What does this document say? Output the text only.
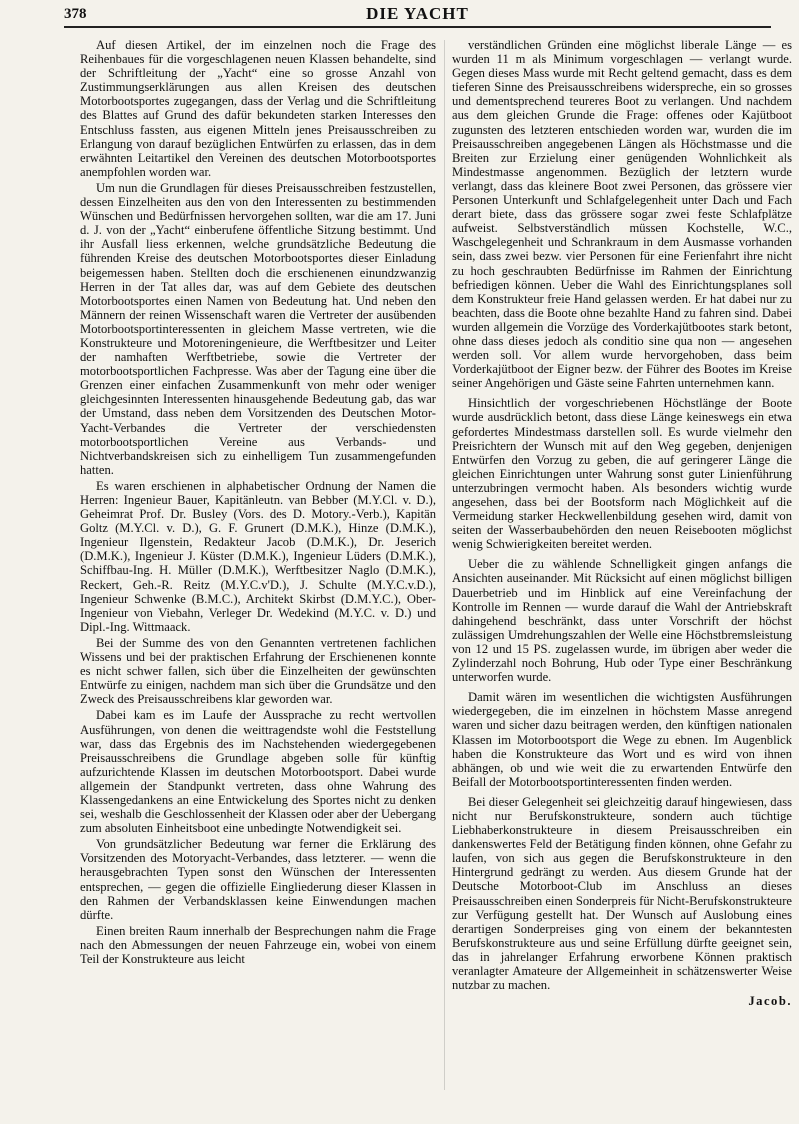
378	DIE YACHT

Auf diesen Artikel, der im einzelnen noch die Frage des Reihenbaues für die vorgeschlagenen neuen Klassen behandelte, sind der Schriftleitung der „Yacht“ eine so grosse Anzahl von Zustimmungserklärungen aus allen Kreisen des deutschen Motorbootsportes zugegangen, dass der Verlag und die Schriftleitung des Blattes auf Grund des dafür bekundeten starken Interesses den Entschluss fassten, aus eigenen Mitteln jenes Preisausschreiben zu Erlangung von darauf bezüglichen Entwürfen zu erlassen, das in dem erwähnten Leitartikel den Vereinen des deutschen Motorbootsportes anempfohlen worden war.

Um nun die Grundlagen für dieses Preisausschreiben festzustellen, dessen Einzelheiten aus den von den Interessenten zu bestimmenden Wünschen und Bedürfnissen hervorgehen sollten, war die am 17. Juni d. J. von der „Yacht“ einberufene öffentliche Sitzung bestimmt. Und ihr Ausfall liess erkennen, welche grundsätzliche Bedeutung die führenden Kreise des deutschen Motorbootsportes dieser Einladung beigemessen haben. Stellten doch die erschienenen einundzwanzig Herren in der Tat alles dar, was auf dem Gebiete des deutschen Motorbootsportes einen Namen von Bedeutung hat. Und neben den Männern der reinen Wissenschaft waren die Vertreter der ausübenden Motorbootsportinteressenten in gleichem Masse vertreten, wie die Konstrukteure und Motoreningenieure, die Werftbesitzer und Leiter der namhaften Werftbetriebe, sowie die Vertreter der motorbootsportlichen Fachpresse. Was aber der Tagung eine über die Grenzen einer einfachen Zusammenkunft von mehr oder weniger gleichgesinnten Interessenten hinausgehende Bedeutung gab, das war der Umstand, dass neben dem Vorsitzenden des Deutschen Motor-Yacht-Verbandes die Vertreter der verschiedensten motorbootsportlichen Vereine aus Verbands- und Nichtverbandskreisen sich zu einhelligem Tun zusammengefunden hatten.

Es waren erschienen in alphabetischer Ordnung der Namen die Herren: Ingenieur Bauer, Kapitänleutn. van Bebber (M.Y.Cl. v. D.), Geheimrat Prof. Dr. Busley (Vors. des D. Motory.-Verb.), Kapitän Goltz (M.Y.Cl. v. D.), G. F. Grunert (D.M.K.), Hinze (D.M.K.), Ingenieur Ilgenstein, Redakteur Jacob (D.M.K.), Dr. Jeserich (D.M.K.), Ingenieur J. Küster (D.M.K.), Ingenieur Lüders (D.M.K.), Schiffbau-Ing. H. Müller (D.M.K.), Werftbesitzer Naglo (D.M.K.), Reckert, Geh.-R. Reitz (M.Y.C.v'D.), J. Schulte (M.Y.C.v.D.), Ingenieur Schwenke (B.M.C.), Architekt Skirbst (D.M.Y.C.), Ober-Ingenieur von Viebahn, Verleger Dr. Wedekind (M.Y.C. v. D.) und Dipl.-Ing. Wittmaack.

Bei der Summe des von den Genannten vertretenen fachlichen Wissens und bei der praktischen Erfahrung der Erschienenen konnte es nicht schwer fallen, sich über die Einzelheiten der gewünschten Entwürfe zu einigen, nachdem man sich über die Grundsätze und den Zweck des Preisausschreibens klar geworden war.

Dabei kam es im Laufe der Aussprache zu recht wertvollen Ausführungen, von denen die weittragendste wohl die Feststellung war, dass das Ergebnis des im Nachstehenden wiedergegebenen Preisausschreibens die Grundlage abgeben solle für künftig aufzurichtende Klassen im deutschen Motorbootsport. Dabei wurde allgemein der Standpunkt vertreten, dass ohne Wahrung des Klassengedankens an eine Entwickelung des Sportes nicht zu denken sei, weshalb die Geschlossenheit der Klassen oder aber der Uebergang zum absoluten Einheitsboot eine unbedingte Notwendigkeit sei.

Von grundsätzlicher Bedeutung war ferner die Erklärung des Vorsitzenden des Motoryacht-Verbandes, dass letzterer. — wenn die herausgebrachten Typen sonst den Wünschen der Interessenten entsprechen, — gegen die offizielle Eingliederung dieser Klassen in den Rahmen der Verbandsklassen keine Einwendungen machen dürfte.

Einen breiten Raum innerhalb der Besprechungen nahm die Frage nach den Abmessungen der neuen Fahrzeuge ein, wobei von einem Teil der Konstrukteure aus leicht

verständlichen Gründen eine möglichst liberale Länge — es wurden 11 m als Minimum vorgeschlagen — verlangt wurde. Gegen dieses Mass wurde mit Recht geltend gemacht, dass es dem tieferen Sinne des Preisausschreibens widerspreche, ein so grosses und dementsprechend teureres Boot zu verlangen. Und nachdem aus dem gleichen Grunde die Frage: offenes oder Kajütboot zugunsten des letzteren entschieden worden war, wurden die im Preisausschreiben angegebenen Längen als Höchstmasse und die Breiten zur Erzielung einer genügenden Wohnlichkeit als Mindestmasse angenommen. Bezüglich der letztern wurde verlangt, dass das kleinere Boot zwei Personen, das grössere vier Personen Unterkunft und Schlafgelegenheit unter Dach und Fach derart biete, dass das grössere sogar zwei feste Schlafplätze aufweist. Selbstverständlich müssen Kochstelle, W.C., Waschgelegenheit und Schrankraum in dem Ausmasse vorhanden sein, dass zwei bezw. vier Personen für eine Ferienfahrt ihre nicht zu hoch geschraubten Bedürfnisse im Rahmen der Einrichtung befriedigen können. Ueber die Wahl des Einrichtungsplanes soll dem Konstrukteur freie Hand gelassen werden. Er hat dabei nur zu beachten, dass die Boote ohne bezahlte Hand zu fahren sind. Dabei wurden allgemein die Vorzüge des Vorderkajütbootes stark betont, ohne dass dieses jedoch als conditio sine qua non — angesehen werden soll. Vor allem wurde hervorgehoben, dass beim Vorderkajütboot der Eigner bezw. der Führer des Bootes im Kreise seiner Angehörigen und Gäste seine Fahrten unternehmen kann.

Hinsichtlich der vorgeschriebenen Höchstlänge der Boote wurde ausdrücklich betont, dass diese Länge keineswegs ein etwa gefordertes Mindestmass darstellen soll. Es wurde vielmehr den Preisrichtern der Wunsch mit auf den Weg gegeben, denjenigen Entwürfen den Vorzug zu geben, die auf geringerer Länge die gleichen Einrichtungen unter Wahrung sonst guter Linienführung unterzubringen vermocht haben. Als besonders wichtig wurde angesehen, dass bei der Bootsform nach Möglichkeit auf die Vermeidung starker Heckwellenbildung gesehen wird, damit von seiten der Wasserbaubehörden den neuen Reisebooten möglichst wenig Schwierigkeiten bereitet werden.

Ueber die zu wählende Schnelligkeit gingen anfangs die Ansichten auseinander. Mit Rücksicht auf einen möglichst billigen Dauerbetrieb und im Hinblick auf eine Vereinfachung der Kontrolle im Rennen — wurde darauf die Wahl der Antriebskraft dahingehend beschränkt, dass unter Vorschrift der höchst zulässigen Umdrehungszahlen der Welle eine Höchstbremsleistung von 12 und 15 PS. zugelassen wurde, im übrigen aber weder die Zylinderzahl noch Bohrung, Hub oder Type einer Beschränkung unterworfen wurde.

Damit wären im wesentlichen die wichtigsten Ausführungen wiedergegeben, die im einzelnen in höchstem Masse anregend waren und sicher dazu beitragen werden, den künftigen nationalen Klassen im Motorbootsport die Wege zu ebnen. Im Augenblick haben die Konstrukteure das Wort und es wird von ihnen abhängen, ob und wie weit die zu erwartenden Entwürfe den Beifall der Motorbootsportinteressenten finden werden.

Bei dieser Gelegenheit sei gleichzeitig darauf hingewiesen, dass nicht nur Berufskonstrukteure, sondern auch tüchtige Liebhaberkonstrukteure in diesem Preisausschreiben ein dankenswertes Feld der Betätigung finden können, ohne Gefahr zu laufen, von sich aus gegen die Berufskonstrukteure in den Hintergrund gedrängt zu werden. Aus diesem Grunde hat der Deutsche Motorboot-Club im Anschluss an dieses Preisausschreiben einen Sonderpreis für Nicht-Berufskonstrukteure zur Verfügung gestellt hat. Der Wunsch auf Auslobung eines derartigen Sonderpreises ging von einem der bekanntesten Berufskonstrukteure aus und seine Erfüllung dürfte geeignet sein, das in jahrelanger Erfahrung erworbene Können praktisch veranlagter Amateure der Allgemeinheit in schätzenswerter Weise nutzbar zu machen.

Jacob.
